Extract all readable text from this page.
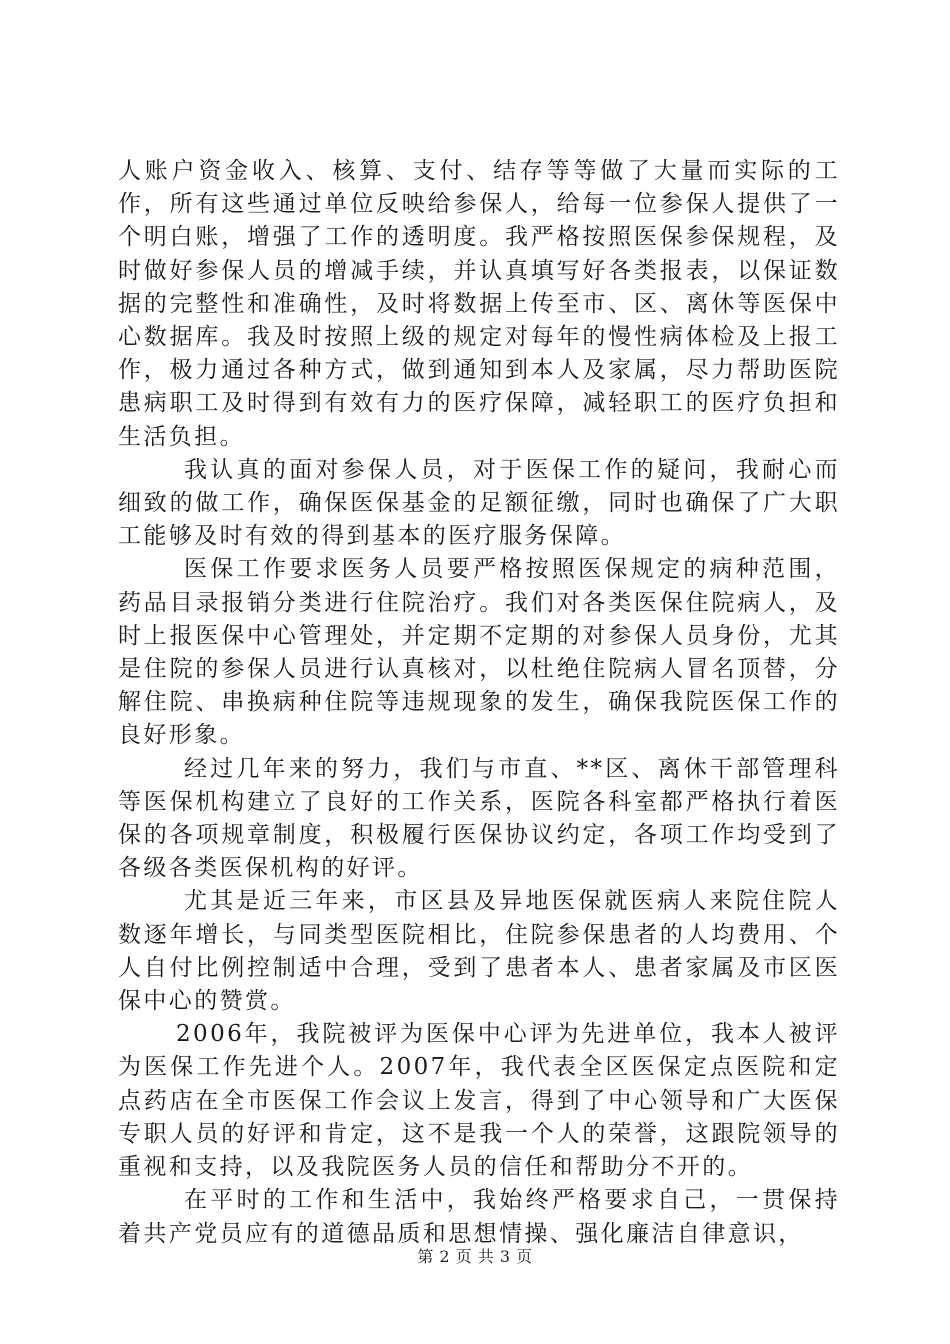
人账户资金收入、核算、支付、结存等等做了大量而实际的工作，所有这些通过单位反映给参保人，给每一位参保人提供了一个明白账，增强了工作的透明度。我严格按照医保参保规程，及时做好参保人员的增减手续，并认真填写好各类报表，以保证数据的完整性和准确性，及时将数据上传至市、区、离休等医保中心数据库。我及时按照上级的规定对每年的慢性病体检及上报工作，极力通过各种方式，做到通知到本人及家属，尽力帮助医院患病职工及时得到有效有力的医疗保障，减轻职工的医疗负担和生活负担。

我认真的面对参保人员，对于医保工作的疑问，我耐心而细致的做工作，确保医保基金的足额征缴，同时也确保了广大职工能够及时有效的得到基本的医疗服务保障。

医保工作要求医务人员要严格按照医保规定的病种范围，药品目录报销分类进行住院治疗。我们对各类医保住院病人，及时上报医保中心管理处，并定期不定期的对参保人员身份，尤其是住院的参保人员进行认真核对，以杜绝住院病人冒名顶替，分解住院、串换病种住院等违规现象的发生，确保我院医保工作的良好形象。

经过几年来的努力，我们与市直、**区、离休干部管理科等医保机构建立了良好的工作关系，医院各科室都严格执行着医保的各项规章制度，积极履行医保协议约定，各项工作均受到了各级各类医保机构的好评。

尤其是近三年来，市区县及异地医保就医病人来院住院人数逐年增长，与同类型医院相比，住院参保患者的人均费用、个人自付比例控制适中合理，受到了患者本人、患者家属及市区医保中心的赞赏。

2006年，我院被评为医保中心评为先进单位，我本人被评为医保工作先进个人。2007年，我代表全区医保定点医院和定点药店在全市医保工作会议上发言，得到了中心领导和广大医保专职人员的好评和肯定，这不是我一个人的荣誉，这跟院领导的重视和支持，以及我院医务人员的信任和帮助分不开的。

在平时的工作和生活中，我始终严格要求自己，一贯保持着共产党员应有的道德品质和思想情操、强化廉洁自律意识，

第 2 页 共 3 页
